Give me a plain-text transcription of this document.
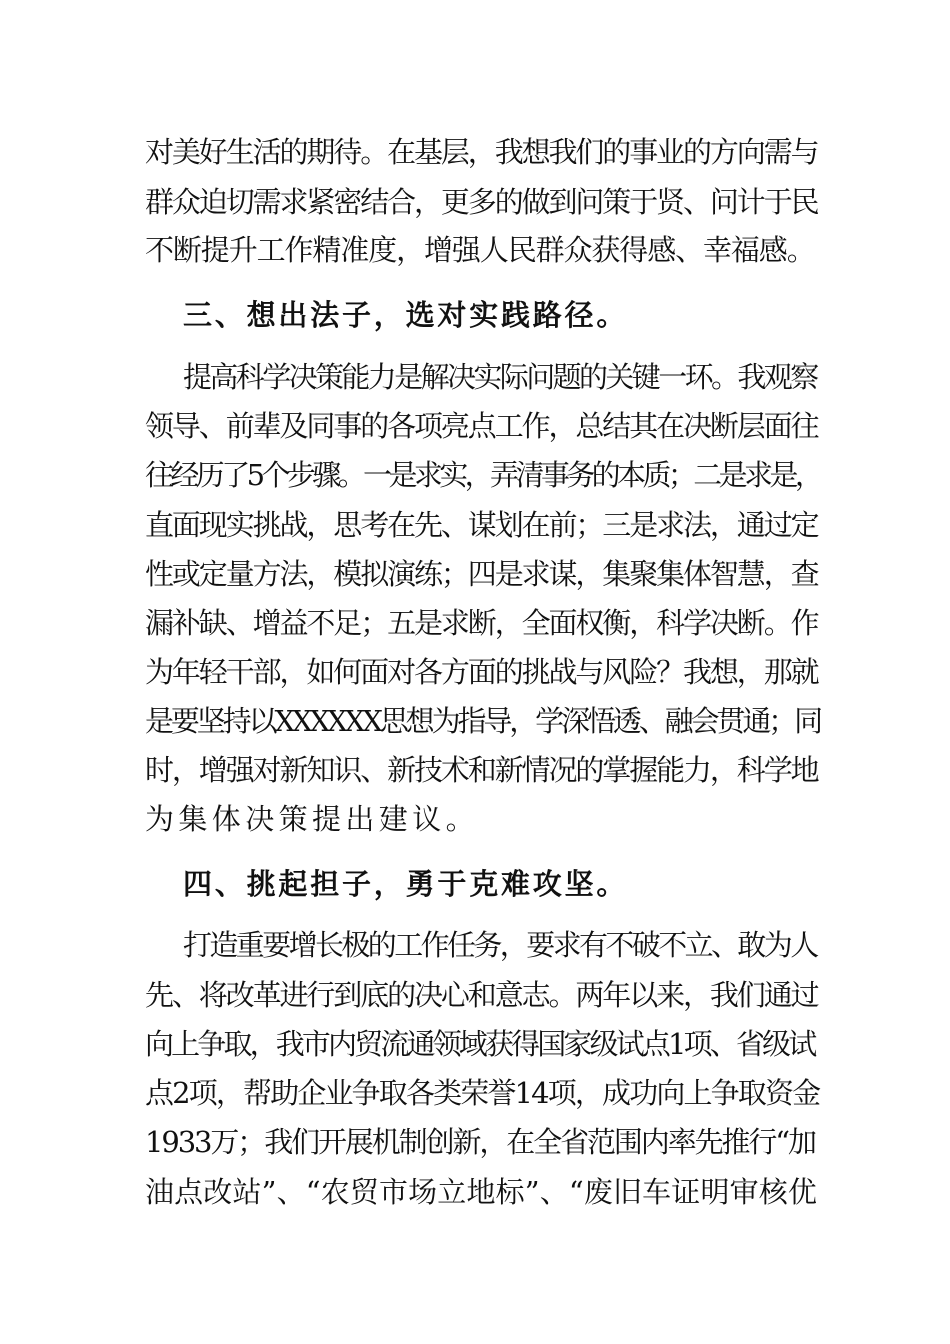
对美好生活的期待。在基层，我想我们的事业的方向需与

群众迫切需求紧密结合，更多的做到问策于贤、问计于民

不断提升工作精准度，增强人民群众获得感、幸福感。

三、想出法子，选对实践路径。

提高科学决策能力是解决实际问题的关键一环。我观察

领导、前辈及同事的各项亮点工作，总结其在决断层面往

往经历了5个步骤。一是求实，弄清事务的本质；二是求是，

直面现实挑战，思考在先、谋划在前；三是求法，通过定

性或定量方法，模拟演练；四是求谋，集聚集体智慧，查

漏补缺、增益不足；五是求断，全面权衡，科学决断。作

为年轻干部，如何面对各方面的挑战与风险？我想，那就

是要坚持以XXXXXX思想为指导，学深悟透、融会贯通；同

时，增强对新知识、新技术和新情况的掌握能力，科学地

为集体决策提出建议。

四、挑起担子，勇于克难攻坚。

打造重要增长极的工作任务，要求有不破不立、敢为人

先、将改革进行到底的决心和意志。两年以来，我们通过

向上争取，我市内贸流通领域获得国家级试点1项、省级试

点2项，帮助企业争取各类荣誉14项，成功向上争取资金

1933万；我们开展机制创新，在全省范围内率先推行“加

油点改站”、“农贸市场立地标”、“废旧车证明审核优
